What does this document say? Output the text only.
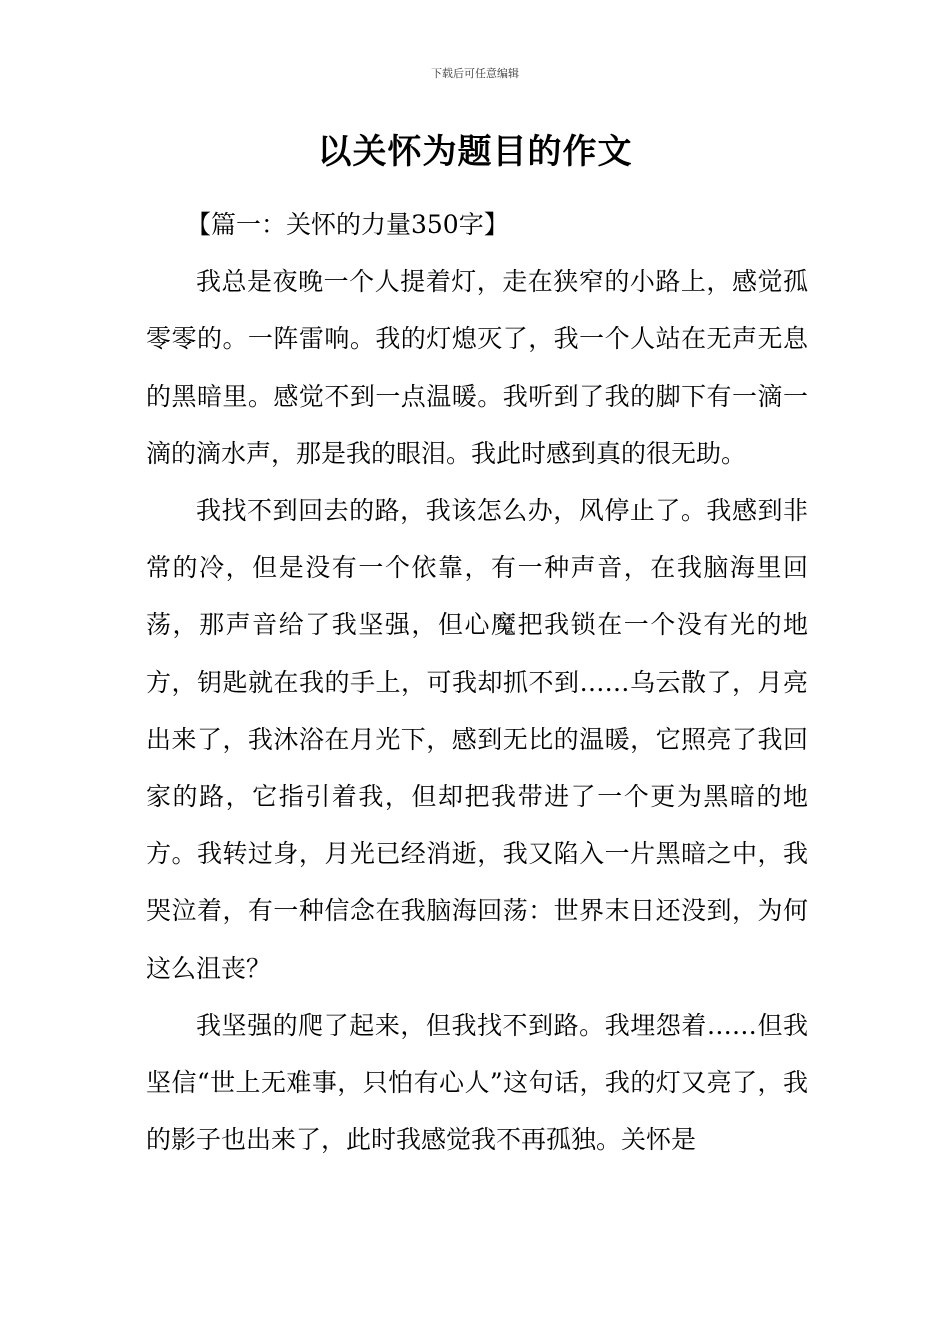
下载后可任意编辑
以关怀为题目的作文
【篇一：关怀的力量350字】

我总是夜晚一个人提着灯，走在狭窄的小路上，感觉孤零零的。一阵雷响。我的灯熄灭了，我一个人站在无声无息的黑暗里。感觉不到一点温暖。我听到了我的脚下有一滴一滴的滴水声，那是我的眼泪。我此时感到真的很无助。

我找不到回去的路，我该怎么办，风停止了。我感到非常的冷，但是没有一个依靠，有一种声音，在我脑海里回荡，那声音给了我坚强，但心魔把我锁在一个没有光的地方，钥匙就在我的手上，可我却抓不到……乌云散了，月亮出来了，我沐浴在月光下，感到无比的温暖，它照亮了我回家的路，它指引着我，但却把我带进了一个更为黑暗的地方。我转过身，月光已经消逝，我又陷入一片黑暗之中，我哭泣着，有一种信念在我脑海回荡：世界末日还没到，为何这么沮丧？

我坚强的爬了起来，但我找不到路。我埋怨着……但我坚信“世上无难事，只怕有心人”这句话，我的灯又亮了，我的影子也出来了，此时我感觉我不再孤独。关怀是
